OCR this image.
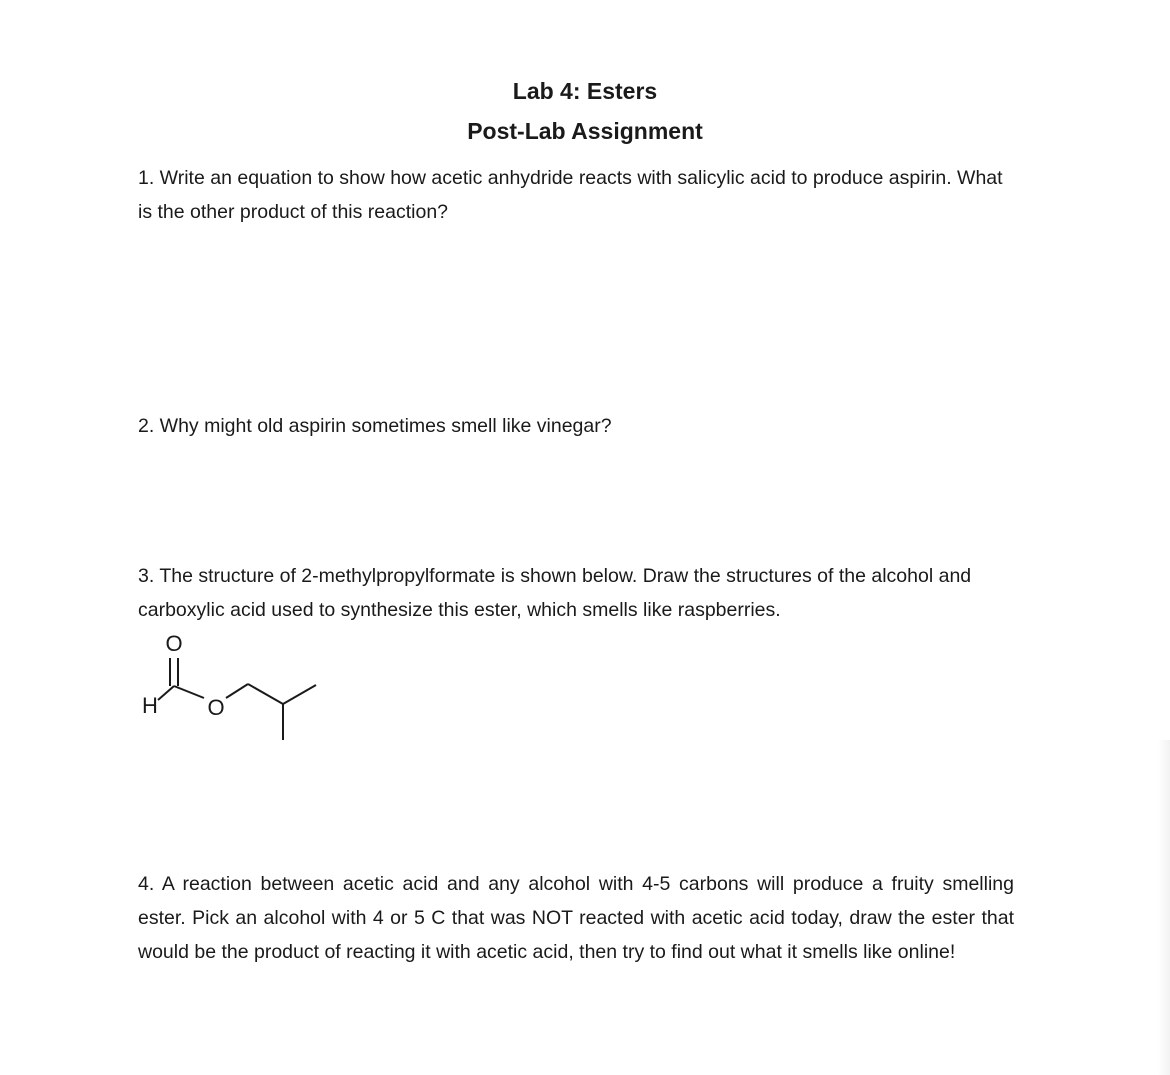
Lab 4: Esters
Post-Lab Assignment

1. Write an equation to show how acetic anhydride reacts with salicylic acid to produce aspirin. What is the other product of this reaction?

2. Why might old aspirin sometimes smell like vinegar?

3. The structure of 2-methylpropylformate is shown below. Draw the structures of the alcohol and carboxylic acid used to synthesize this ester, which smells like raspberries.

O
H O

4. A reaction between acetic acid and any alcohol with 4-5 carbons will produce a fruity smelling ester. Pick an alcohol with 4 or 5 C that was NOT reacted with acetic acid today, draw the ester that would be the product of reacting it with acetic acid, then try to find out what it smells like online!
